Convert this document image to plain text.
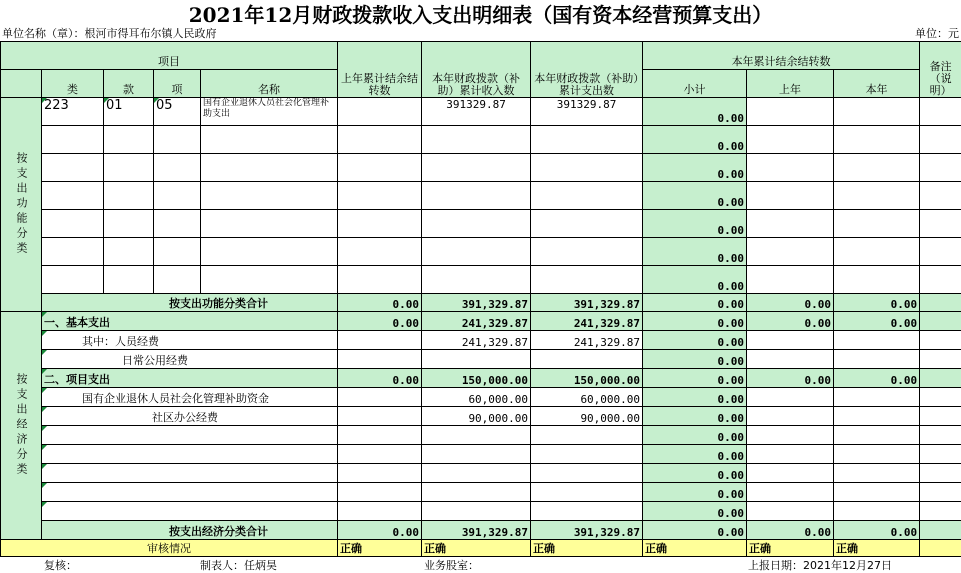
2021年12月财政拨款收入支出明细表（国有资本经营预算支出）
单位名称（章）：根河市得耳布尔镇人民政府	单位：元
项目					上年累计结余结转数	本年财政拨款（补助）累计收入数	本年财政拨款（补助）累计支出数	本年累计结余结转数			备注（说明）
	类	款	项	名称				小计	上年	本年	
按支出功能分类	223	01	05	国有企业退休人员社会化管理补助支出		391329.87	391329.87	0.00			
								0.00			
								0.00			
								0.00			
								0.00			
								0.00			
								0.00			
	按支出功能分类合计				0.00	391,329.87	391,329.87	0.00	0.00	0.00	
按支出经济分类	一、基本支出				0.00	241,329.87	241,329.87	0.00	0.00	0.00	
	其中：人员经费					241,329.87	241,329.87	0.00			
	日常公用经费							0.00			
	二、项目支出				0.00	150,000.00	150,000.00	0.00	0.00	0.00	
	国有企业退休人员社会化管理补助资金					60,000.00	60,000.00	0.00			
	社区办公经费					90,000.00	90,000.00	0.00			
								0.00			
								0.00			
								0.00			
								0.00			
								0.00			
	按支出经济分类合计				0.00	391,329.87	391,329.87	0.00	0.00	0.00	
审核情况					正确	正确	正确	正确	正确	正确	
复核：	制表人：任炳昊	业务股室：	上报日期：2021年12月27日
